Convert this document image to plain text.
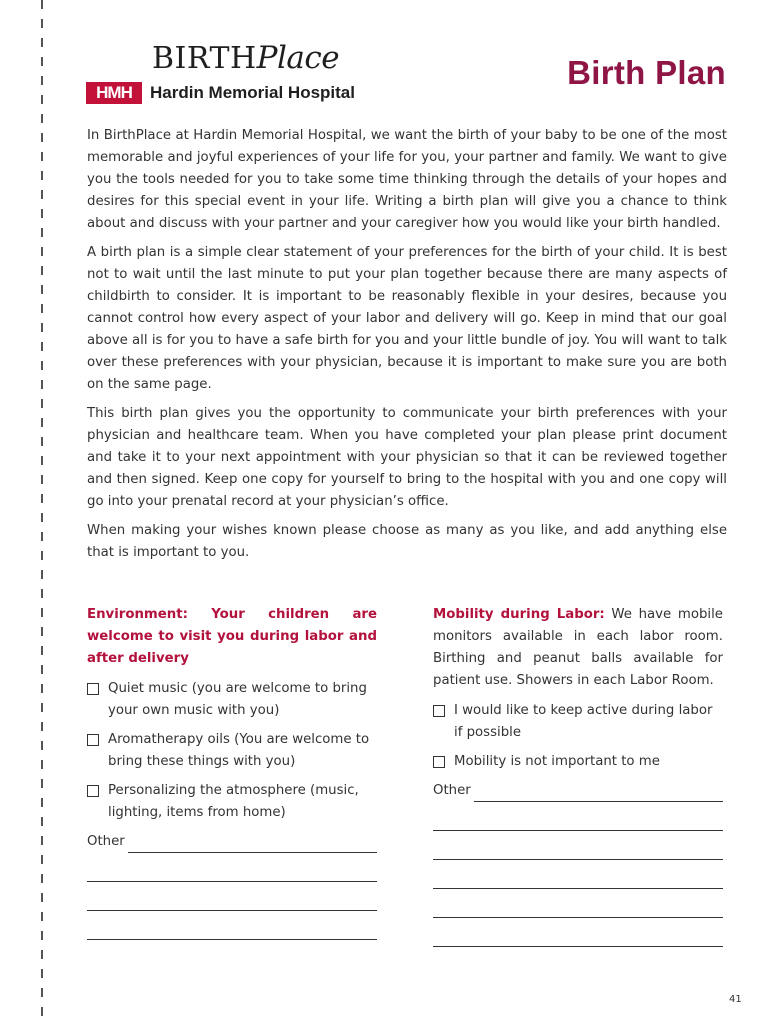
BIRTHPlace
HMH	Hardin Memorial Hospital
Birth Plan

In BirthPlace at Hardin Memorial Hospital, we want the birth of your baby to be one of the most memorable and joyful experiences of your life for you, your partner and family. We want to give you the tools needed for you to take some time thinking through the details of your hopes and desires for this special event in your life. Writing a birth plan will give you a chance to think about and discuss with your partner and your caregiver how you would like your birth handled.

A birth plan is a simple clear statement of your preferences for the birth of your child. It is best not to wait until the last minute to put your plan together because there are many aspects of childbirth to consider. It is important to be reasonably flexible in your desires, because you cannot control how every aspect of your labor and delivery will go. Keep in mind that our goal above all is for you to have a safe birth for you and your little bundle of joy. You will want to talk over these preferences with your physician, because it is important to make sure you are both on the same page.

This birth plan gives you the opportunity to communicate your birth preferences with your physician and healthcare team. When you have completed your plan please print document and take it to your next appointment with your physician so that it can be reviewed together and then signed. Keep one copy for yourself to bring to the hospital with you and one copy will go into your prenatal record at your physician’s office.

When making your wishes known please choose as many as you like, and add anything else that is important to you.

Environment: Your children are welcome to visit you during labor and after delivery

Quiet music (you are welcome to bring your own music with you)
Aromatherapy oils (You are welcome to bring these things with you)
Personalizing the atmosphere (music, lighting, items from home)
Other

Mobility during Labor: We have mobile monitors available in each labor room. Birthing and peanut balls available for patient use. Showers in each Labor Room.

I would like to keep active during labor if possible
Mobility is not important to me
Other
41
